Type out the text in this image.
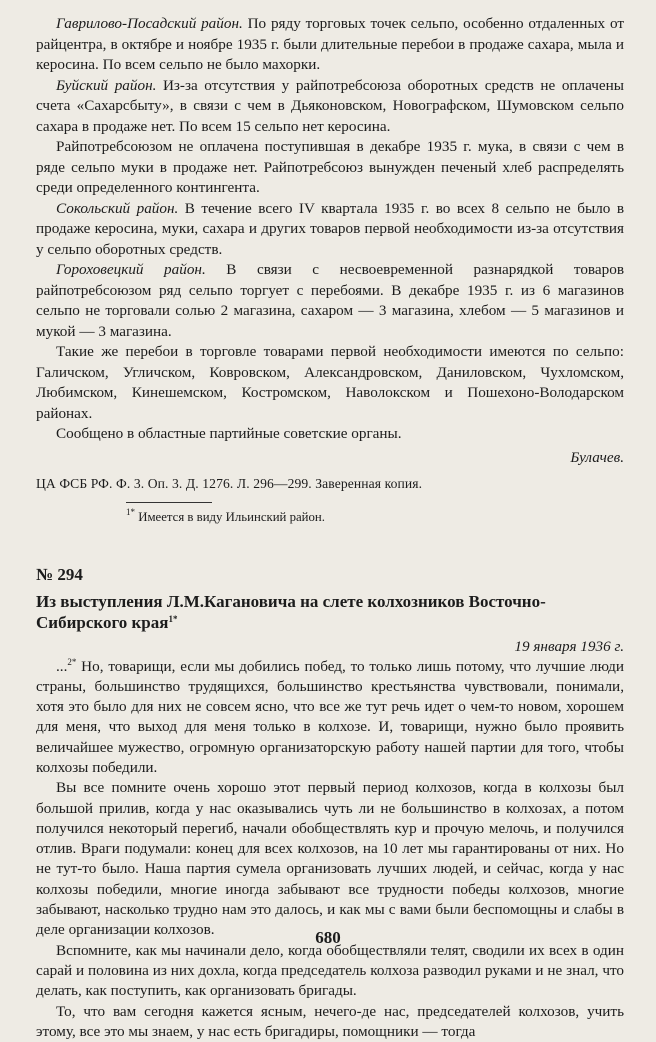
Гаврилово-Посадский район. По ряду торговых точек сельпо, особенно отдаленных от райцентра, в октябре и ноябре 1935 г. были длительные перебои в продаже сахара, мыла и керосина. По всем сельпо не было махорки.

Буйский район. Из-за отсутствия у райпотребсоюза оборотных средств не оплачены счета «Сахарсбыту», в связи с чем в Дьяконовском, Новографском, Шумовском сельпо сахара в продаже нет. По всем 15 сельпо нет керосина.

Райпотребсоюзом не оплачена поступившая в декабре 1935 г. мука, в связи с чем в ряде сельпо муки в продаже нет. Райпотребсоюз вынужден печеный хлеб распределять среди определенного контингента.

Сокольский район. В течение всего IV квартала 1935 г. во всех 8 сельпо не было в продаже керосина, муки, сахара и других товаров первой необходимости из-за отсутствия у сельпо оборотных средств.

Гороховецкий район. В связи с несвоевременной разнарядкой товаров райпотребсоюзом ряд сельпо торгует с перебоями. В декабре 1935 г. из 6 магазинов сельпо не торговали солью 2 магазина, сахаром — 3 магазина, хлебом — 5 магазинов и мукой — 3 магазина.

Такие же перебои в торговле товарами первой необходимости имеются по сельпо: Галичском, Угличском, Ковровском, Александровском, Даниловском, Чухломском, Любимском, Кинешемском, Костромском, Наволокском и Пошехоно-Володарском районах.

Сообщено в областные партийные советские органы.

Булачев.

ЦА ФСБ РФ. Ф. 3. Оп. 3. Д. 1276. Л. 296—299. Заверенная копия.

$^{1*}$ Имеется в виду Ильинский район.

№ 294

Из выступления Л.М.Кагановича на слете колхозников Восточно-Сибирского края$^{1*}$

19 января 1936 г.

...$^{2*}$ Но, товарищи, если мы добились побед, то только лишь потому, что лучшие люди страны, большинство трудящихся, большинство крестьянства чувствовали, понимали, хотя это было для них не совсем ясно, что все же тут речь идет о чем-то новом, хорошем для меня, что выход для меня только в колхозе. И, товарищи, нужно было проявить величайшее мужество, огромную организаторскую работу нашей партии для того, чтобы колхозы победили.

Вы все помните очень хорошо этот первый период колхозов, когда в колхозы был большой прилив, когда у нас оказывались чуть ли не большинство в колхозах, а потом получился некоторый перегиб, начали обобществлять кур и прочую мелочь, и получился отлив. Враги подумали: конец для всех колхозов, на 10 лет мы гарантированы от них. Но не тут-то было. Наша партия сумела организовать лучших людей, и сейчас, когда у нас колхозы победили, многие иногда забывают все трудности победы колхозов, многие забывают, насколько трудно нам это далось, и как мы с вами были беспомощны и слабы в деле организации колхозов.

Вспомните, как мы начинали дело, когда обобществляли телят, сводили их всех в один сарай и половина из них дохла, когда председатель колхоза разводил руками и не знал, что делать, как поступить, как организовать бригады.

То, что вам сегодня кажется ясным, нечего-де нас, председателей колхозов, учить этому, все это мы знаем, у нас есть бригадиры, помощники — тогда

680
